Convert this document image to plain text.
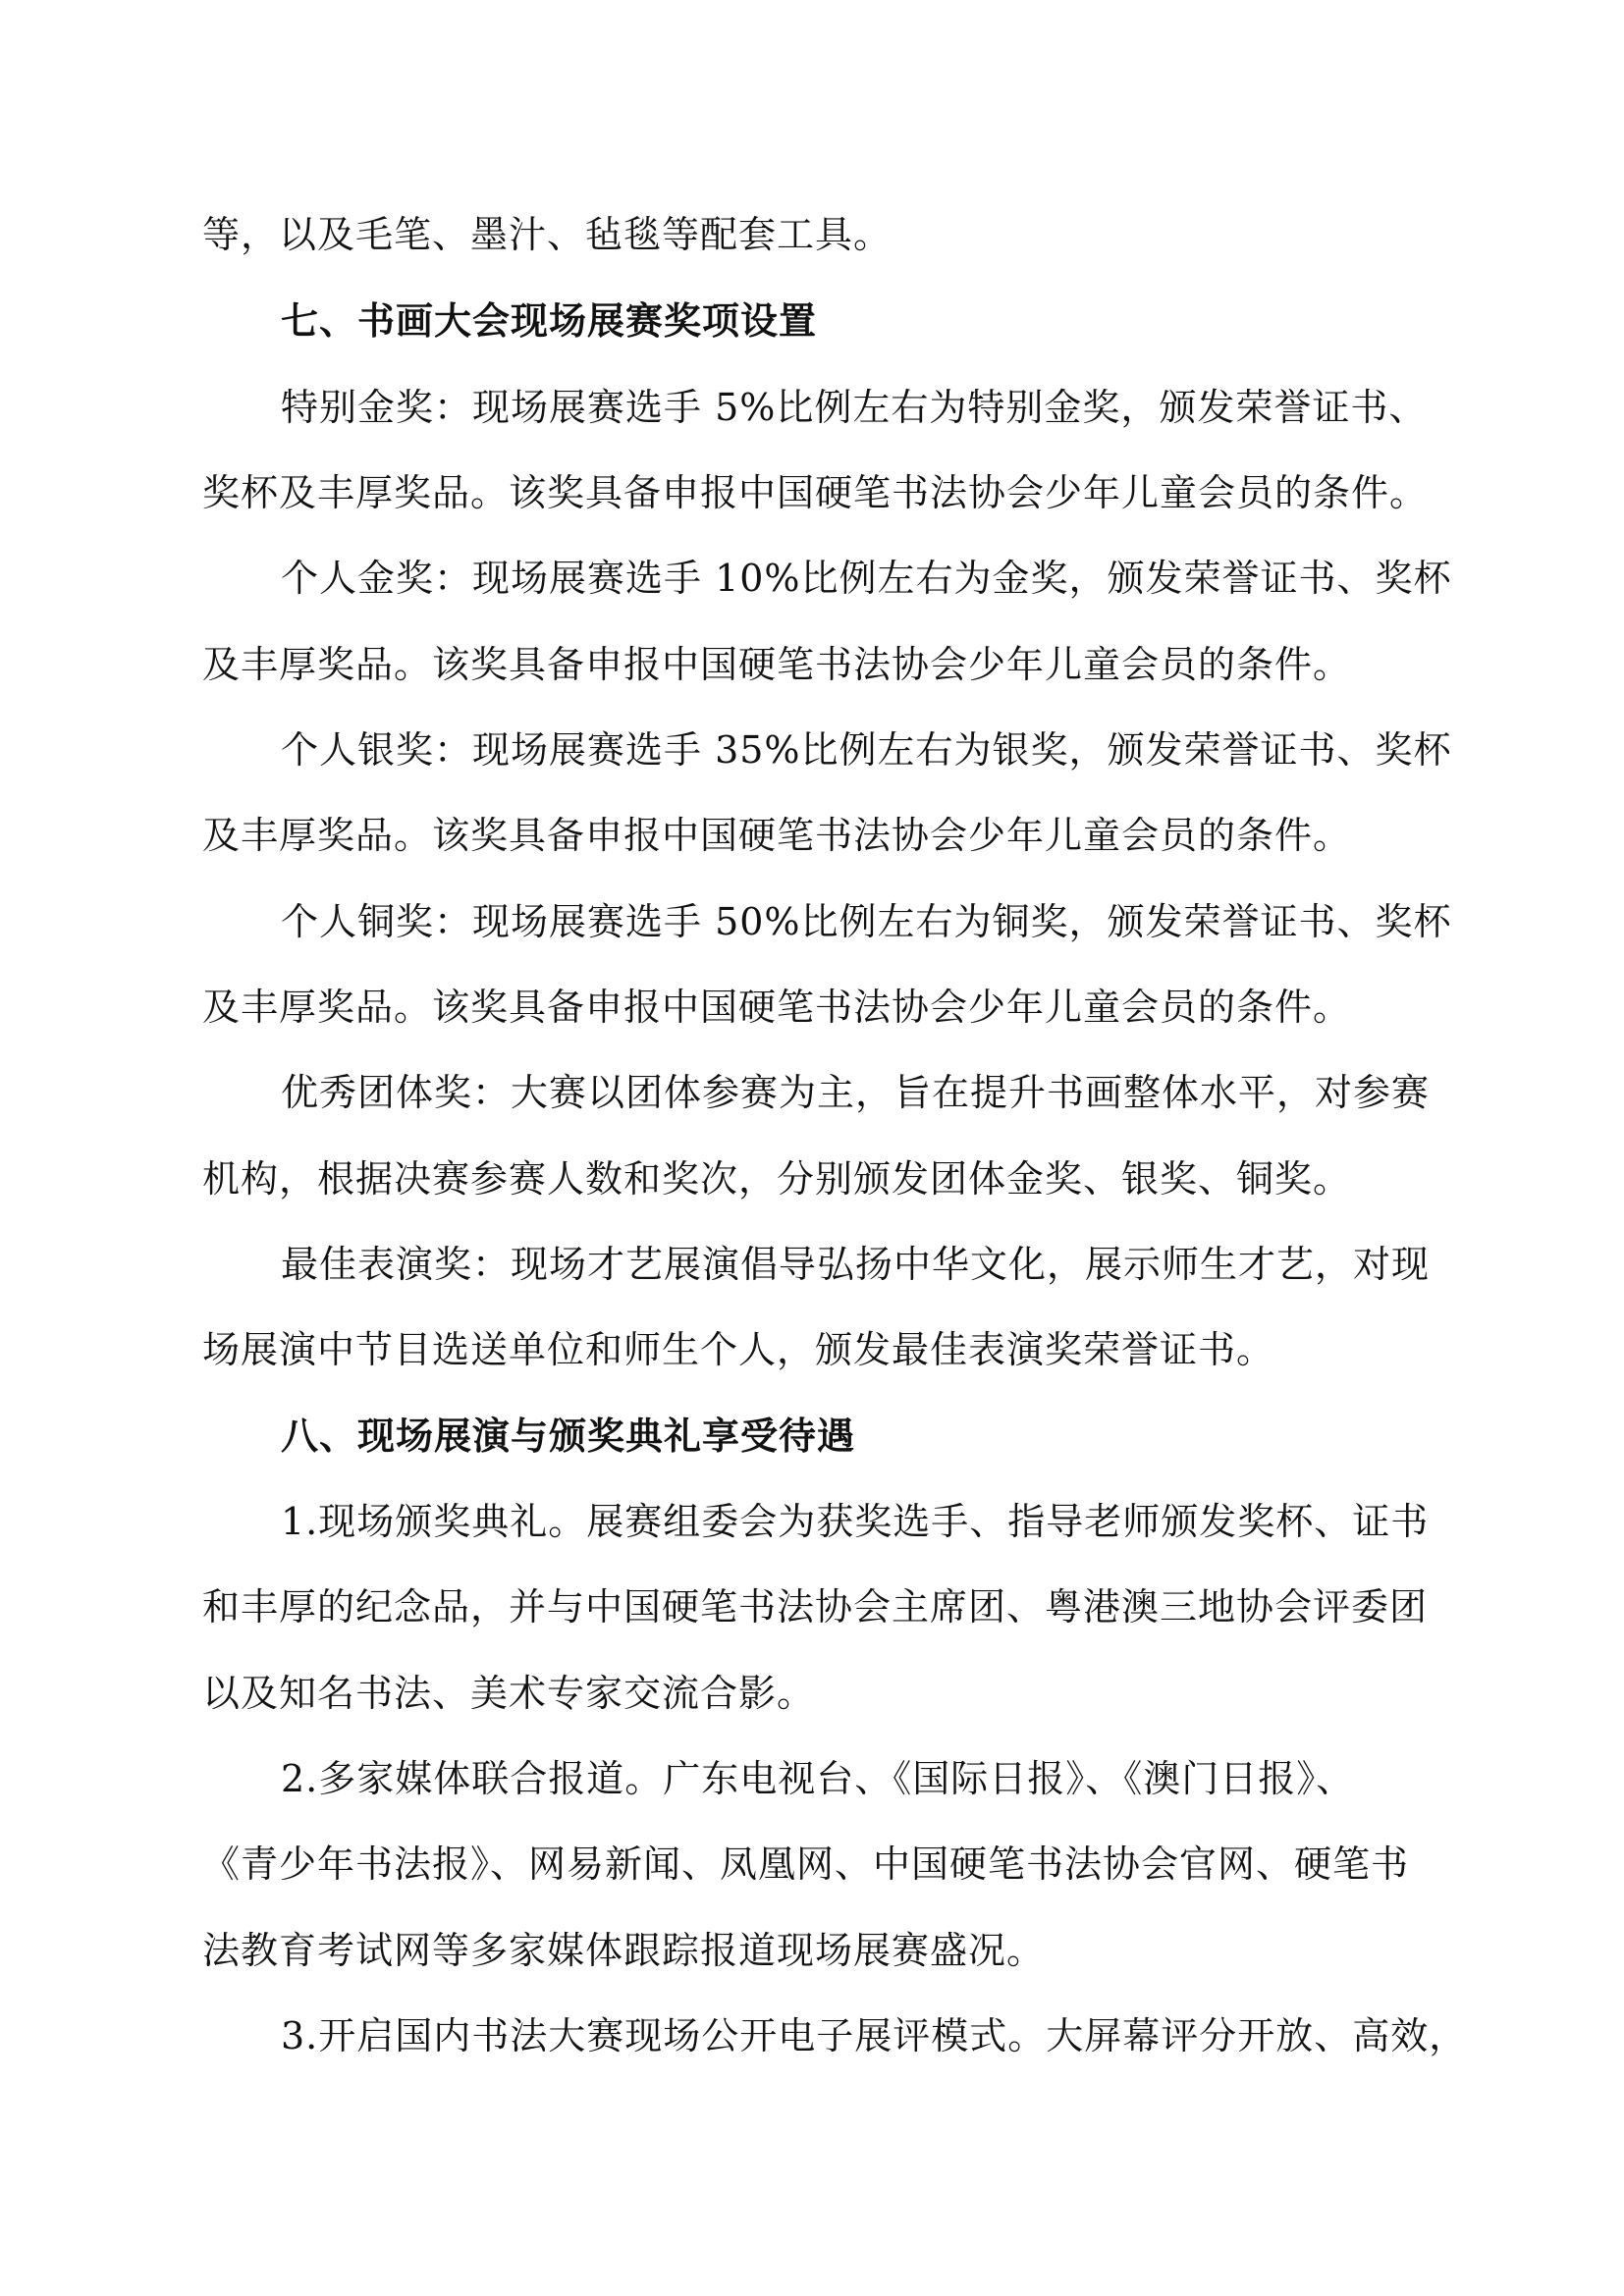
等，以及毛笔、墨汁、毡毯等配套工具。
七、书画大会现场展赛奖项设置
特别金奖：现场展赛选手 5%比例左右为特别金奖，颁发荣誉证书、
奖杯及丰厚奖品。该奖具备申报中国硬笔书法协会少年儿童会员的条件。
个人金奖：现场展赛选手 10%比例左右为金奖，颁发荣誉证书、奖杯
及丰厚奖品。该奖具备申报中国硬笔书法协会少年儿童会员的条件。
个人银奖：现场展赛选手 35%比例左右为银奖，颁发荣誉证书、奖杯
及丰厚奖品。该奖具备申报中国硬笔书法协会少年儿童会员的条件。
个人铜奖：现场展赛选手 50%比例左右为铜奖，颁发荣誉证书、奖杯
及丰厚奖品。该奖具备申报中国硬笔书法协会少年儿童会员的条件。
优秀团体奖：大赛以团体参赛为主，旨在提升书画整体水平，对参赛
机构，根据决赛参赛人数和奖次，分别颁发团体金奖、银奖、铜奖。
最佳表演奖：现场才艺展演倡导弘扬中华文化，展示师生才艺，对现
场展演中节目选送单位和师生个人，颁发最佳表演奖荣誉证书。
八、现场展演与颁奖典礼享受待遇
1.现场颁奖典礼。展赛组委会为获奖选手、指导老师颁发奖杯、证书
和丰厚的纪念品，并与中国硬笔书法协会主席团、粤港澳三地协会评委团
以及知名书法、美术专家交流合影。
2.多家媒体联合报道。广东电视台、《国际日报》、《澳门日报》、
《青少年书法报》、网易新闻、凤凰网、中国硬笔书法协会官网、硬笔书
法教育考试网等多家媒体跟踪报道现场展赛盛况。
3.开启国内书法大赛现场公开电子展评模式。大屏幕评分开放、高效，
